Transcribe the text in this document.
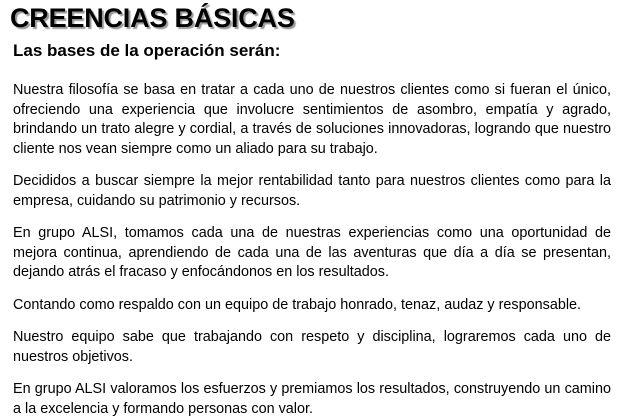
CREENCIAS BÁSICAS
Las bases de la operación serán:

Nuestra filosofía se basa en tratar a cada uno de nuestros clientes como si fueran el único, ofreciendo una experiencia que involucre sentimientos de asombro, empatía y agrado, brindando un trato alegre y cordial, a través de soluciones innovadoras, logrando que nuestro cliente nos vean siempre como un aliado para su trabajo.

Decididos a buscar siempre la mejor rentabilidad tanto para nuestros clientes como para la empresa, cuidando su patrimonio y recursos.

En grupo ALSI, tomamos cada una de nuestras experiencias como una oportunidad de mejora continua, aprendiendo de cada una de las aventuras que día a día se presentan, dejando atrás el fracaso y enfocándonos en los resultados.

Contando como respaldo con un equipo de trabajo honrado, tenaz, audaz y responsable.

Nuestro equipo sabe que trabajando con respeto y disciplina, lograremos cada uno de nuestros objetivos.

En grupo ALSI valoramos los esfuerzos y premiamos los resultados, construyendo un camino a la excelencia y formando personas con valor.
